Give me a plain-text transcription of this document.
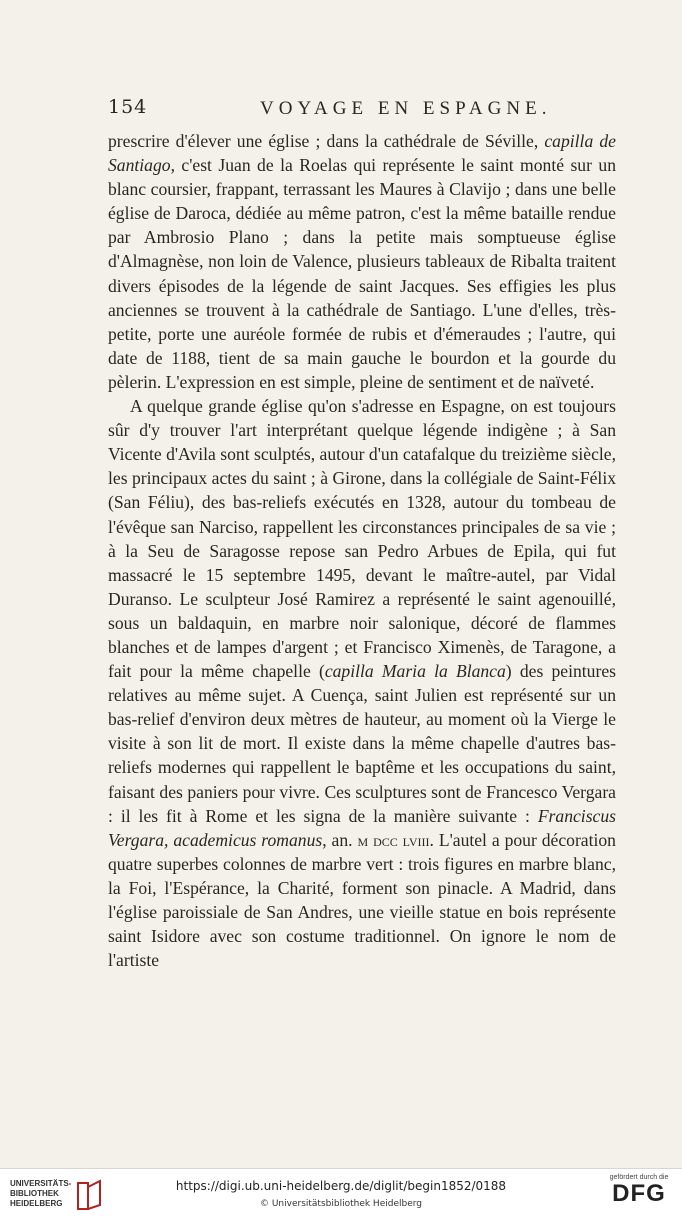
154	VOYAGE EN ESPAGNE.

prescrire d'élever une église ; dans la cathédrale de Séville, capilla de Santiago, c'est Juan de la Roelas qui représente le saint monté sur un blanc coursier, frappant, terrassant les Maures à Clavijo ; dans une belle église de Daroca, dédiée au même patron, c'est la même bataille rendue par Ambrosio Plano ; dans la petite mais somptueuse église d'Almagnèse, non loin de Valence, plusieurs tableaux de Ribalta traitent divers épisodes de la légende de saint Jacques. Ses effigies les plus anciennes se trouvent à la cathédrale de Santiago. L'une d'elles, très-petite, porte une auréole formée de rubis et d'émeraudes ; l'autre, qui date de 1188, tient de sa main gauche le bourdon et la gourde du pèlerin. L'expression en est simple, pleine de sentiment et de naïveté.

A quelque grande église qu'on s'adresse en Espagne, on est toujours sûr d'y trouver l'art interprétant quelque légende indigène ; à San Vicente d'Avila sont sculptés, autour d'un catafalque du treizième siècle, les principaux actes du saint ; à Girone, dans la collégiale de Saint-Félix (San Féliu), des bas-reliefs exécutés en 1328, autour du tombeau de l'évêque san Narciso, rappellent les circonstances principales de sa vie ; à la Seu de Saragosse repose san Pedro Arbues de Epila, qui fut massacré le 15 septembre 1495, devant le maître-autel, par Vidal Duranso. Le sculpteur José Ramirez a représenté le saint agenouillé, sous un baldaquin, en marbre noir salonique, décoré de flammes blanches et de lampes d'argent ; et Francisco Ximenès, de Taragone, a fait pour la même chapelle (capilla Maria la Blanca) des peintures relatives au même sujet. A Cuença, saint Julien est représenté sur un bas-relief d'environ deux mètres de hauteur, au moment où la Vierge le visite à son lit de mort. Il existe dans la même chapelle d'autres bas-reliefs modernes qui rappellent le baptême et les occupations du saint, faisant des paniers pour vivre. Ces sculptures sont de Francesco Vergara : il les fit à Rome et les signa de la manière suivante : Franciscus Vergara, academicus romanus, an. m dcc lviii. L'autel a pour décoration quatre superbes colonnes de marbre vert : trois figures en marbre blanc, la Foi, l'Espérance, la Charité, forment son pinacle. A Madrid, dans l'église paroissiale de San Andres, une vieille statue en bois représente saint Isidore avec son costume traditionnel. On ignore le nom de l'artiste

UNIVERSITÄTS-
BIBLIOTHEK
HEIDELBERG
https://digi.ub.uni-heidelberg.de/diglit/begin1852/0188
© Universitätsbibliothek Heidelberg
gefördert durch die
DFG
